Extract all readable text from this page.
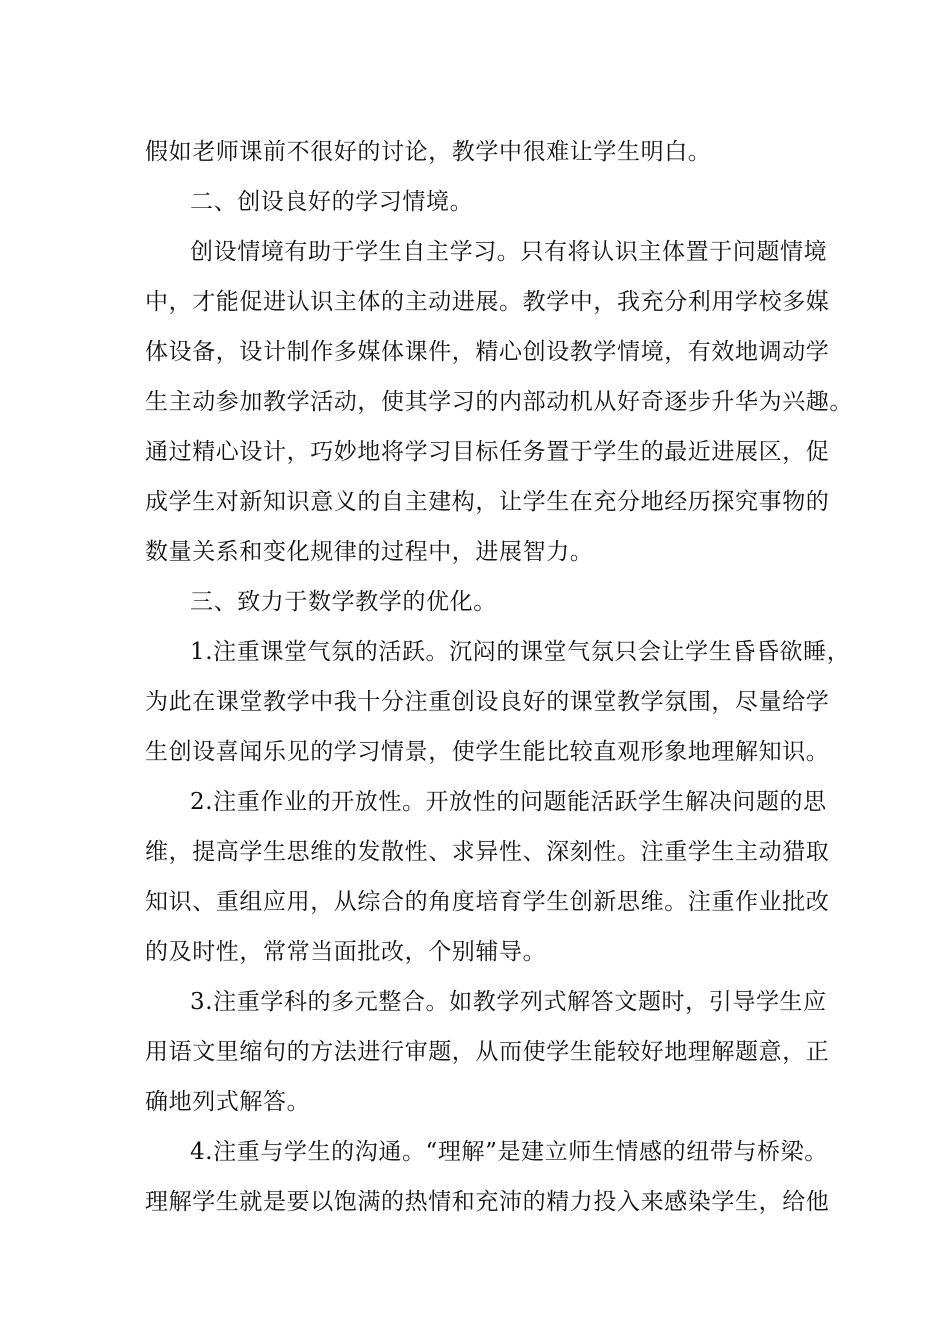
假如老师课前不很好的讨论，教学中很难让学生明白。
二、创设良好的学习情境。
创设情境有助于学生自主学习。只有将认识主体置于问题情境
中，才能促进认识主体的主动进展。教学中，我充分利用学校多媒
体设备，设计制作多媒体课件，精心创设教学情境，有效地调动学
生主动参加教学活动，使其学习的内部动机从好奇逐步升华为兴趣。
通过精心设计，巧妙地将学习目标任务置于学生的最近进展区，促
成学生对新知识意义的自主建构，让学生在充分地经历探究事物的
数量关系和变化规律的过程中，进展智力。
三、致力于数学教学的优化。
1.注重课堂气氛的活跃。沉闷的课堂气氛只会让学生昏昏欲睡，
为此在课堂教学中我十分注重创设良好的课堂教学氛围，尽量给学
生创设喜闻乐见的学习情景，使学生能比较直观形象地理解知识。
2.注重作业的开放性。开放性的问题能活跃学生解决问题的思
维，提高学生思维的发散性、求异性、深刻性。注重学生主动猎取
知识、重组应用，从综合的角度培育学生创新思维。注重作业批改
的及时性，常常当面批改，个别辅导。
3.注重学科的多元整合。如教学列式解答文题时，引导学生应
用语文里缩句的方法进行审题，从而使学生能较好地理解题意，正
确地列式解答。
4.注重与学生的沟通。“理解”是建立师生情感的纽带与桥梁。
理解学生就是要以饱满的热情和充沛的精力投入来感染学生，给他
